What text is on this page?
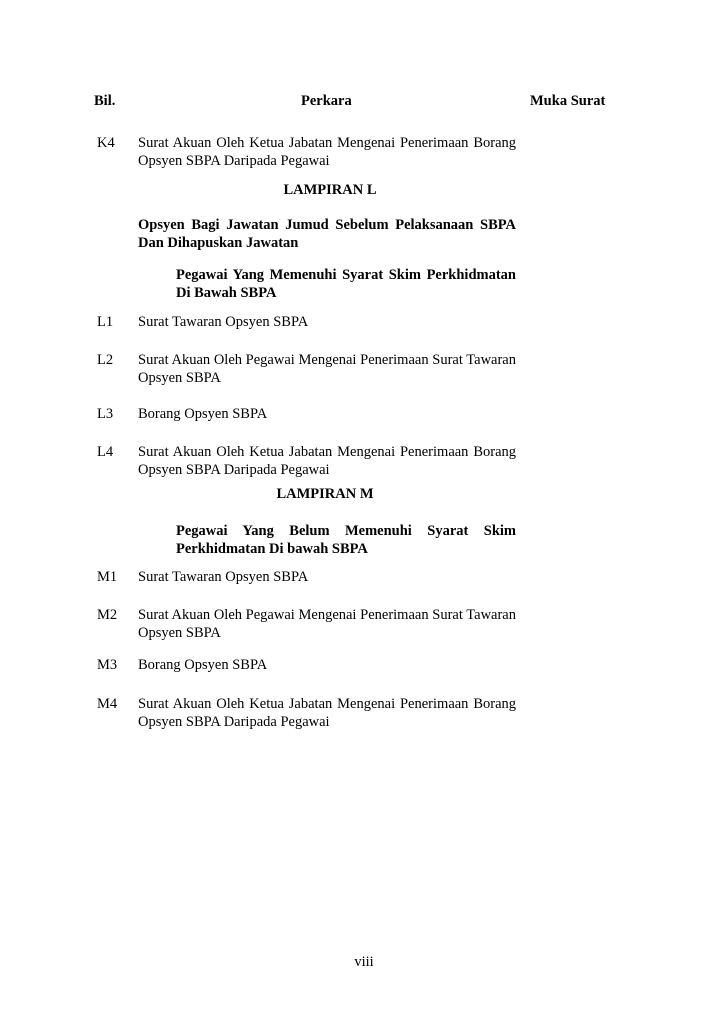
Bil.	Perkara	Muka Surat
K4 Surat Akuan Oleh Ketua Jabatan Mengenai Penerimaan Borang Opsyen SBPA Daripada Pegawai
LAMPIRAN L
Opsyen Bagi Jawatan Jumud Sebelum Pelaksanaan SBPA Dan Dihapuskan Jawatan
Pegawai Yang Memenuhi Syarat Skim Perkhidmatan Di Bawah SBPA
L1 Surat Tawaran Opsyen SBPA
L2 Surat Akuan Oleh Pegawai Mengenai Penerimaan Surat Tawaran Opsyen SBPA
L3 Borang Opsyen SBPA
L4 Surat Akuan Oleh Ketua Jabatan Mengenai Penerimaan Borang Opsyen SBPA Daripada Pegawai
LAMPIRAN M
Pegawai Yang Belum Memenuhi Syarat Skim Perkhidmatan Di bawah SBPA
M1 Surat Tawaran Opsyen SBPA
M2 Surat Akuan Oleh Pegawai Mengenai Penerimaan Surat Tawaran Opsyen SBPA
M3 Borang Opsyen SBPA
M4 Surat Akuan Oleh Ketua Jabatan Mengenai Penerimaan Borang Opsyen SBPA Daripada Pegawai
viii
